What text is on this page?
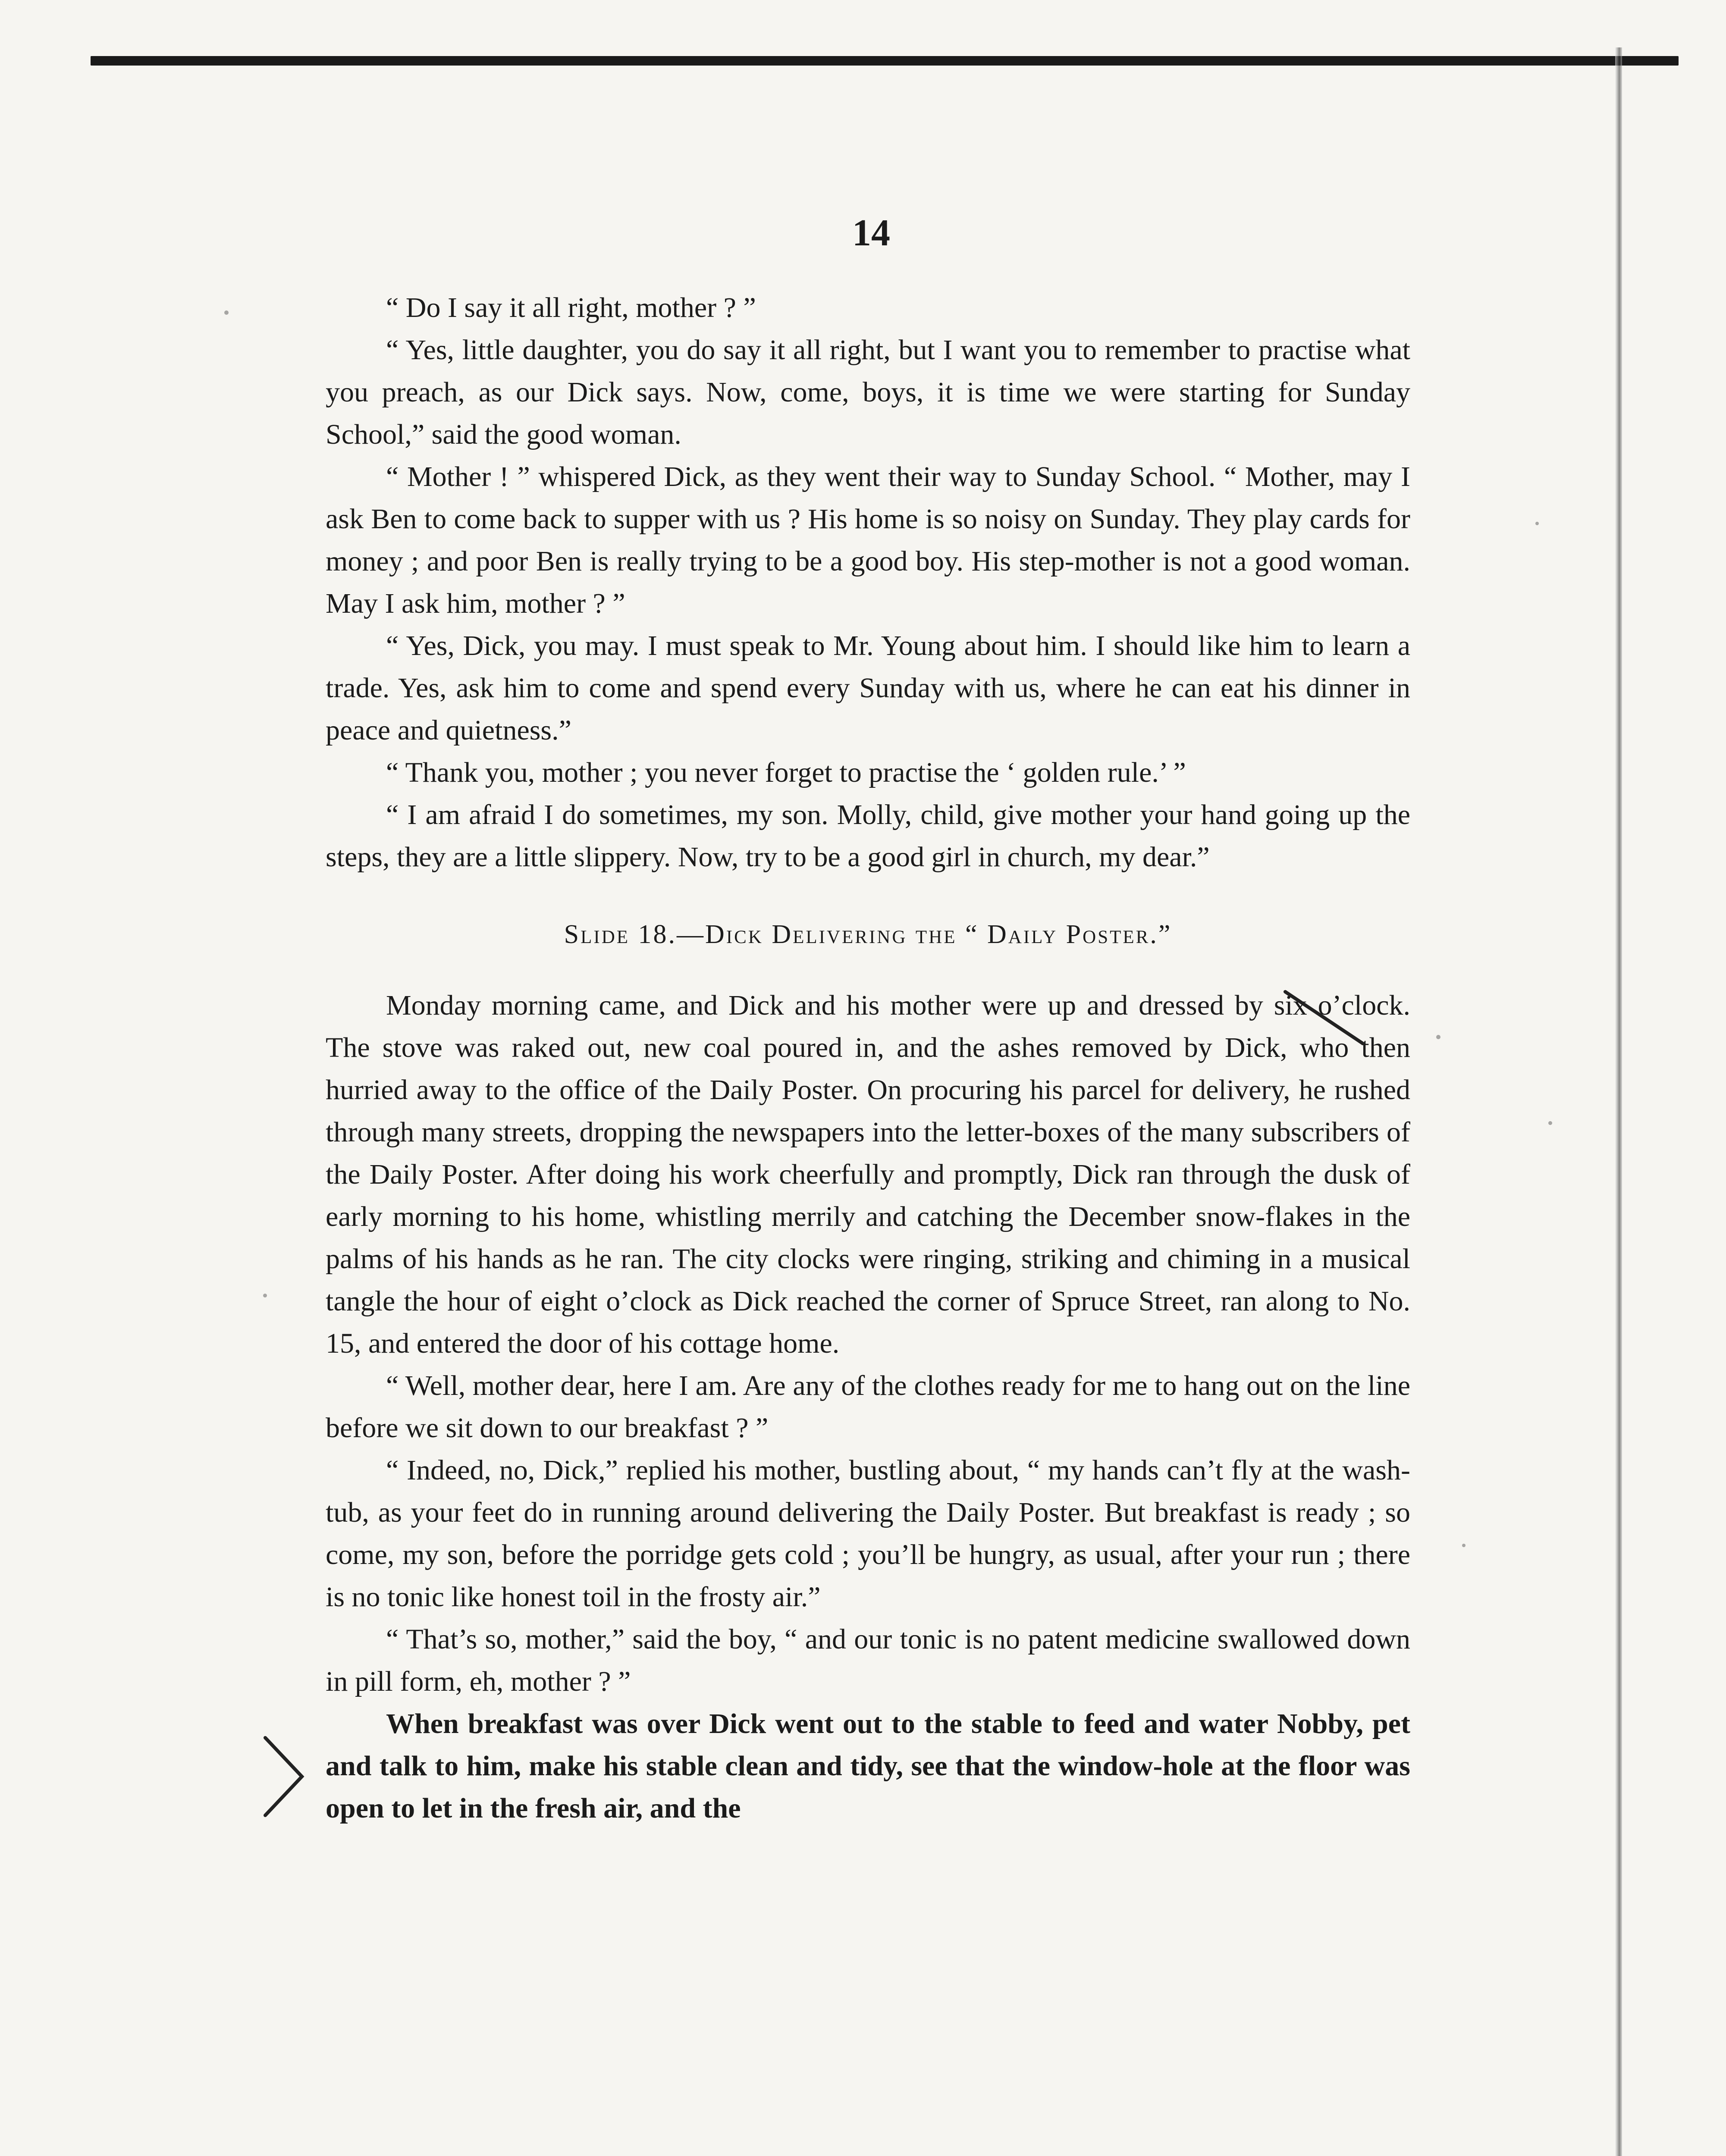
14

“ Do I say it all right, mother ? ”

“ Yes, little daughter, you do say it all right, but I want you to remember to practise what you preach, as our Dick says. Now, come, boys, it is time we were starting for Sunday School,” said the good woman.

“ Mother ! ” whispered Dick, as they went their way to Sunday School. “ Mother, may I ask Ben to come back to supper with us ? His home is so noisy on Sunday. They play cards for money ; and poor Ben is really trying to be a good boy. His step-mother is not a good woman. May I ask him, mother ? ”

“ Yes, Dick, you may. I must speak to Mr. Young about him. I should like him to learn a trade. Yes, ask him to come and spend every Sunday with us, where he can eat his dinner in peace and quietness.”

“ Thank you, mother ; you never forget to practise the ‘ golden rule.’ ”

“ I am afraid I do sometimes, my son. Molly, child, give mother your hand going up the steps, they are a little slippery. Now, try to be a good girl in church, my dear.”

Slide 18.—Dick Delivering the “ Daily Poster.”

Monday morning came, and Dick and his mother were up and dressed by six o’clock. The stove was raked out, new coal poured in, and the ashes removed by Dick, who then hurried away to the office of the Daily Poster. On procuring his parcel for delivery, he rushed through many streets, dropping the newspapers into the letter-boxes of the many subscribers of the Daily Poster. After doing his work cheerfully and promptly, Dick ran through the dusk of early morning to his home, whistling merrily and catching the December snow-flakes in the palms of his hands as he ran. The city clocks were ringing, striking and chiming in a musical tangle the hour of eight o’clock as Dick reached the corner of Spruce Street, ran along to No. 15, and entered the door of his cottage home.

“ Well, mother dear, here I am. Are any of the clothes ready for me to hang out on the line before we sit down to our breakfast ? ”

“ Indeed, no, Dick,” replied his mother, bustling about, “ my hands can’t fly at the wash-tub, as your feet do in running around delivering the Daily Poster. But breakfast is ready ; so come, my son, before the porridge gets cold ; you’ll be hungry, as usual, after your run ; there is no tonic like honest toil in the frosty air.”

“ That’s so, mother,” said the boy, “ and our tonic is no patent medicine swallowed down in pill form, eh, mother ? ”

When breakfast was over Dick went out to the stable to feed and water Nobby, pet and talk to him, make his stable clean and tidy, see that the window-hole at the floor was open to let in the fresh air, and the
